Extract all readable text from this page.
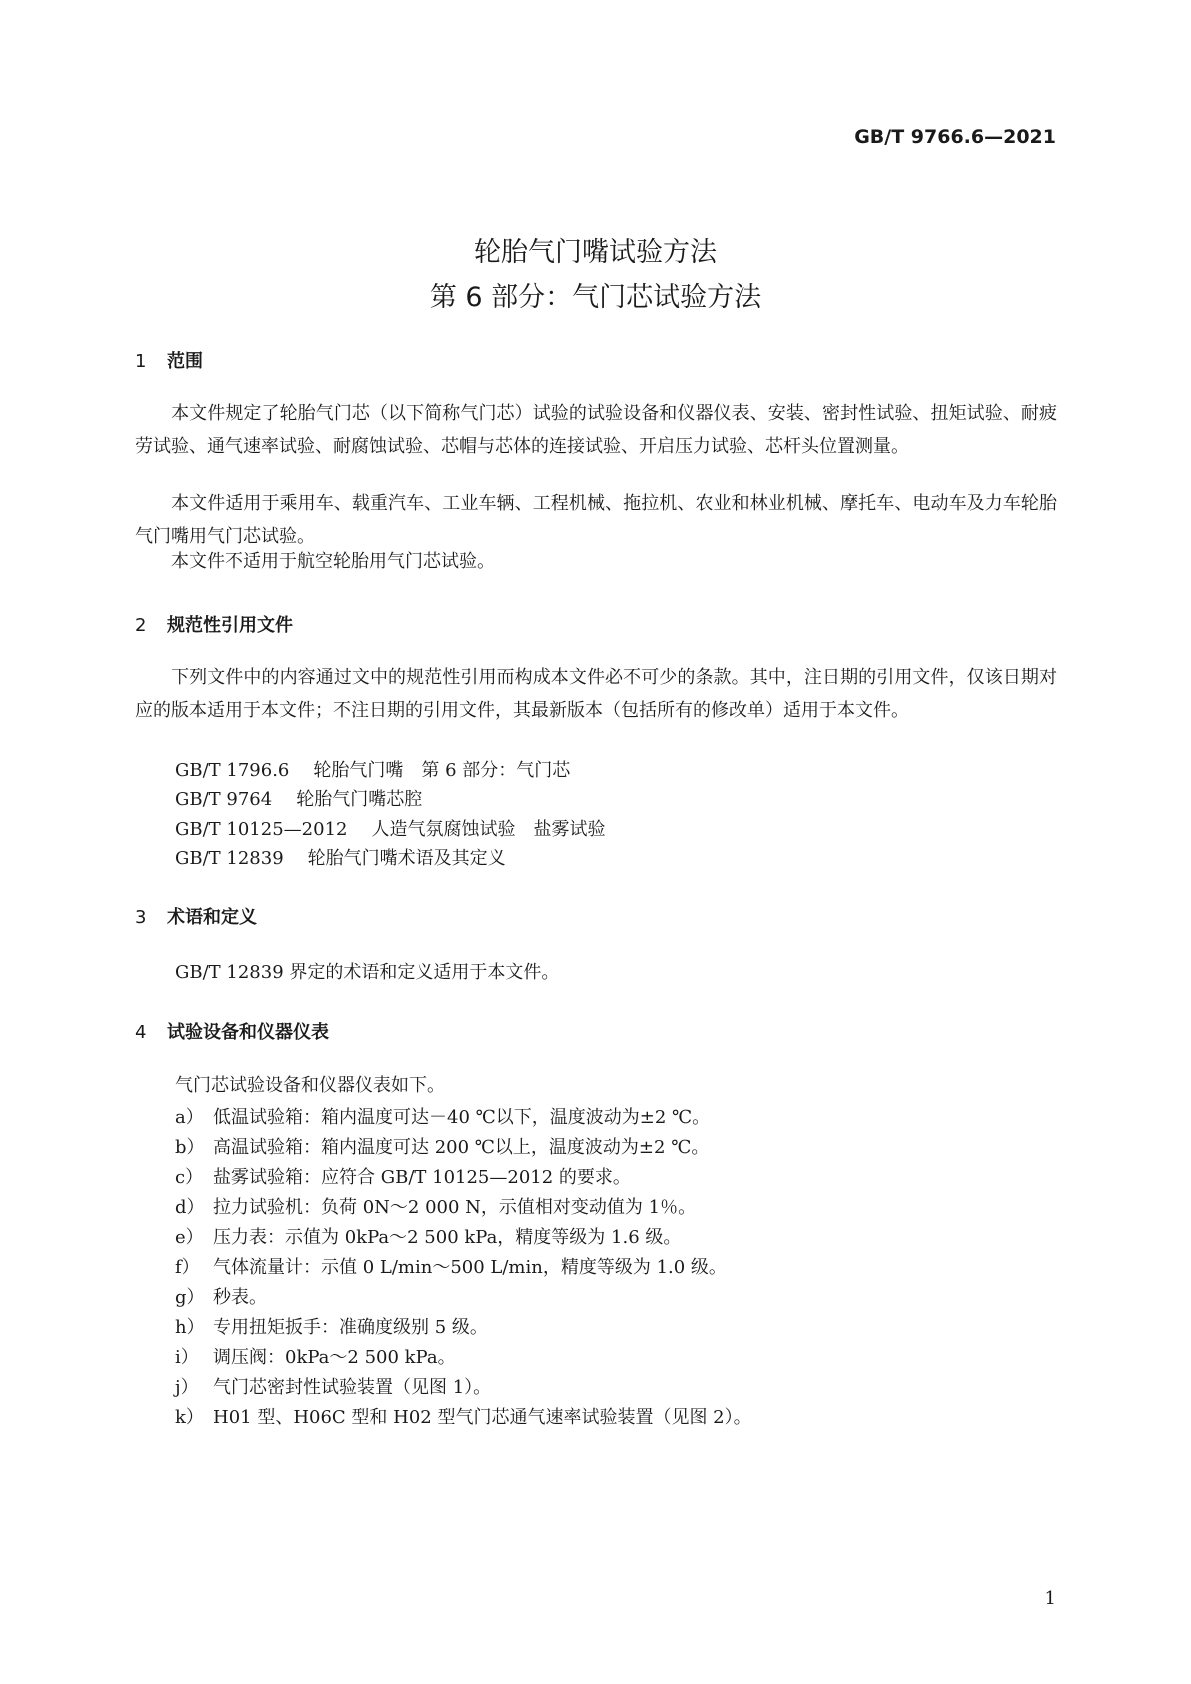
GB/T 9766.6—2021
轮胎气门嘴试验方法
第 6 部分：气门芯试验方法
1 范围
本文件规定了轮胎气门芯（以下简称气门芯）试验的试验设备和仪器仪表、安装、密封性试验、扭矩试验、耐疲劳试验、通气速率试验、耐腐蚀试验、芯帽与芯体的连接试验、开启压力试验、芯杆头位置测量。
本文件适用于乘用车、载重汽车、工业车辆、工程机械、拖拉机、农业和林业机械、摩托车、电动车及力车轮胎气门嘴用气门芯试验。
本文件不适用于航空轮胎用气门芯试验。
2 规范性引用文件
下列文件中的内容通过文中的规范性引用而构成本文件必不可少的条款。其中，注日期的引用文件，仅该日期对应的版本适用于本文件；不注日期的引用文件，其最新版本（包括所有的修改单）适用于本文件。
GB/T 1796.6 轮胎气门嘴　第 6 部分：气门芯
GB/T 9764 轮胎气门嘴芯腔
GB/T 10125—2012 人造气氛腐蚀试验　盐雾试验
GB/T 12839 轮胎气门嘴术语及其定义
3 术语和定义
GB/T 12839 界定的术语和定义适用于本文件。
4 试验设备和仪器仪表
气门芯试验设备和仪器仪表如下。
a） 低温试验箱：箱内温度可达－40 ℃以下，温度波动为±2 ℃。
b） 高温试验箱：箱内温度可达 200 ℃以上，温度波动为±2 ℃。
c） 盐雾试验箱：应符合 GB/T 10125—2012 的要求。
d） 拉力试验机：负荷 0N～2 000 N，示值相对变动值为 1％。
e） 压力表：示值为 0kPa～2 500 kPa，精度等级为 1.6 级。
f） 气体流量计：示值 0 L/min～500 L/min，精度等级为 1.0 级。
g） 秒表。
h） 专用扭矩扳手：准确度级别 5 级。
i） 调压阀：0kPa～2 500 kPa。
j） 气门芯密封性试验装置（见图 1）。
k） H01 型、H06C 型和 H02 型气门芯通气速率试验装置（见图 2）。
1
